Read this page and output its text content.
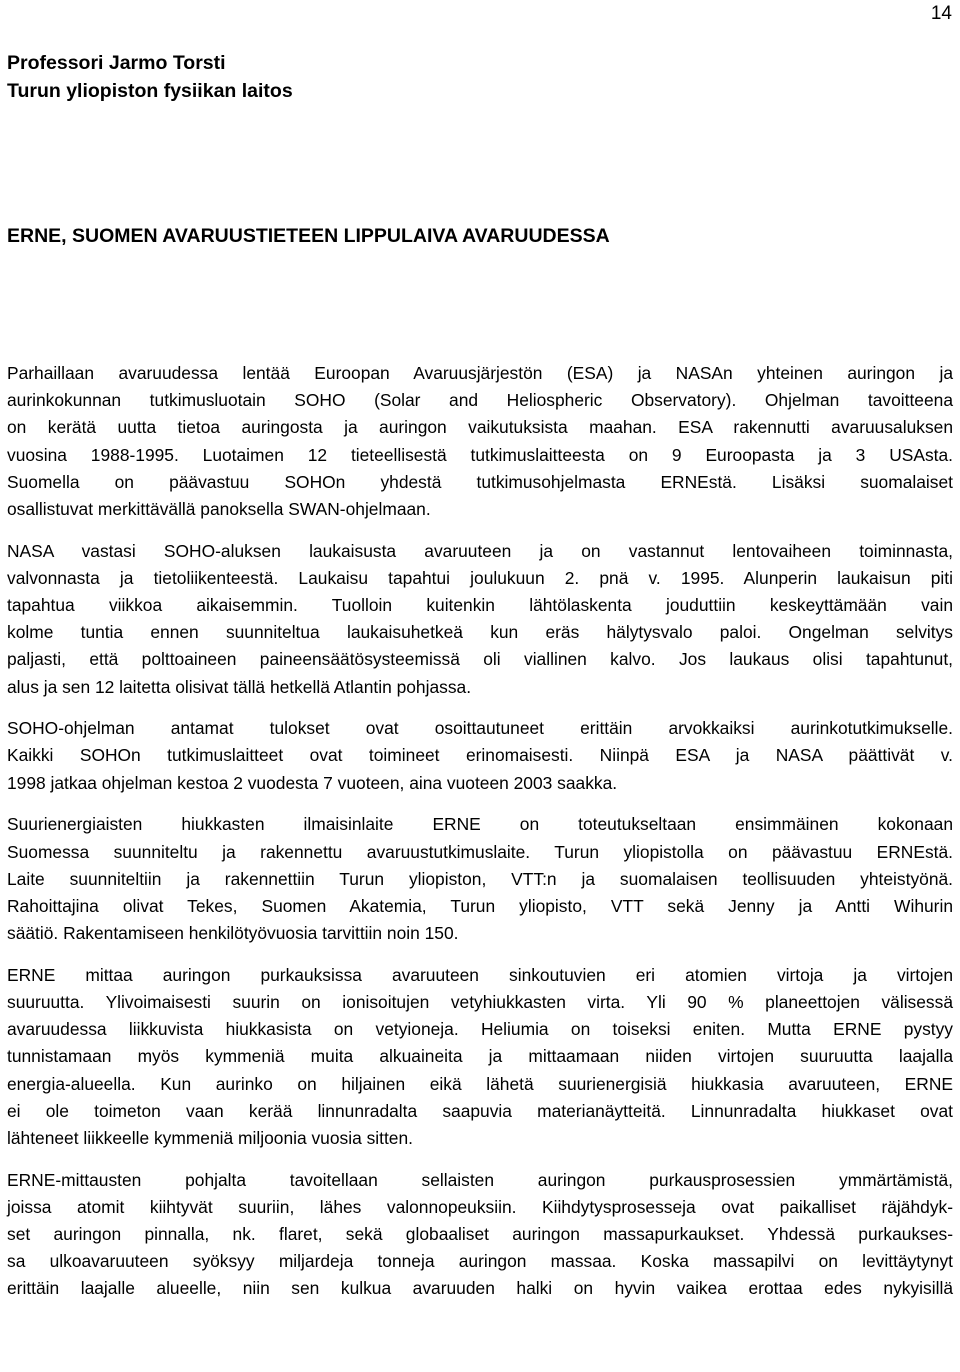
14
Professori Jarmo Torsti
Turun yliopiston fysiikan laitos
ERNE, SUOMEN AVARUUSTIETEEN LIPPULAIVA AVARUUDESSA
Parhaillaan avaruudessa lentää Euroopan Avaruusjärjestön (ESA) ja NASAn yhteinen auringon ja
aurinkokunnan tutkimusluotain SOHO (Solar and Heliospheric Observatory). Ohjelman tavoitteena
on kerätä uutta tietoa auringosta ja auringon vaikutuksista maahan. ESA rakennutti avaruusaluksen
vuosina 1988-1995. Luotaimen 12 tieteellisestä tutkimuslaitteesta on 9 Euroopasta ja 3 USAsta.
Suomella on päävastuu SOHOn yhdestä tutkimusohjelmasta ERNEstä. Lisäksi suomalaiset
osallistuvat merkittävällä panoksella SWAN-ohjelmaan.
NASA vastasi SOHO-aluksen laukaisusta avaruuteen ja on vastannut lentovaiheen toiminnasta,
valvonnasta ja tietoliikenteestä. Laukaisu tapahtui joulukuun 2. pnä v. 1995. Alunperin laukaisun piti
tapahtua viikkoa aikaisemmin. Tuolloin kuitenkin lähtölaskenta jouduttiin keskeyttämään vain
kolme tuntia ennen suunniteltua laukaisuhetkeä kun eräs hälytysvalo paloi. Ongelman selvitys
paljasti, että polttoaineen paineensäätösysteemissä oli viallinen kalvo. Jos laukaus olisi tapahtunut,
alus ja sen 12 laitetta olisivat tällä hetkellä Atlantin pohjassa.
SOHO-ohjelman antamat tulokset ovat osoittautuneet erittäin arvokkaiksi aurinkotutkimukselle.
Kaikki SOHOn tutkimuslaitteet ovat toimineet erinomaisesti. Niinpä ESA ja NASA päättivät v.
1998 jatkaa ohjelman kestoa 2 vuodesta 7 vuoteen, aina vuoteen 2003 saakka.
Suurienergiaisten hiukkasten ilmaisinlaite ERNE on toteutukseltaan ensimmäinen kokonaan
Suomessa suunniteltu ja rakennettu avaruustutkimuslaite. Turun yliopistolla on päävastuu ERNEstä.
Laite suunniteltiin ja rakennettiin Turun yliopiston, VTT:n ja suomalaisen teollisuuden yhteistyönä.
Rahoittajina olivat Tekes, Suomen Akatemia, Turun yliopisto, VTT sekä Jenny ja Antti Wihurin
säätiö. Rakentamiseen henkilötyövuosia tarvittiin noin 150.
ERNE mittaa auringon purkauksissa avaruuteen sinkoutuvien eri atomien virtoja ja virtojen
suuruutta. Ylivoimaisesti suurin on ionisoitujen vetyhiukkasten virta. Yli 90 % planeettojen välisessä
avaruudessa liikkuvista hiukkasista on vetyioneja. Heliumia on toiseksi eniten. Mutta ERNE pystyy
tunnistamaan myös kymmeniä muita alkuaineita ja mittaamaan niiden virtojen suuruutta laajalla
energia-alueella. Kun aurinko on hiljainen eikä lähetä suurienergisiä hiukkasia avaruuteen, ERNE
ei ole toimeton vaan kerää linnunradalta saapuvia materianäytteitä. Linnunradalta hiukkaset ovat
lähteneet liikkeelle kymmeniä miljoonia vuosia sitten.
ERNE-mittausten pohjalta tavoitellaan sellaisten auringon purkausprosessien ymmärtämistä,
joissa atomit kiihtyvät suuriin, lähes valonnopeuksiin. Kiihdytysprosesseja ovat paikalliset räjähdyk-
set auringon pinnalla, nk. flaret, sekä globaaliset auringon massapurkaukset. Yhdessä purkaukses-
sa ulkoavaruuteen syöksyy miljardeja tonneja auringon massaa. Koska massapilvi on levittäytynyt
erittäin laajalle alueelle, niin sen kulkua avaruuden halki on hyvin vaikea erottaa edes nykyisillä
